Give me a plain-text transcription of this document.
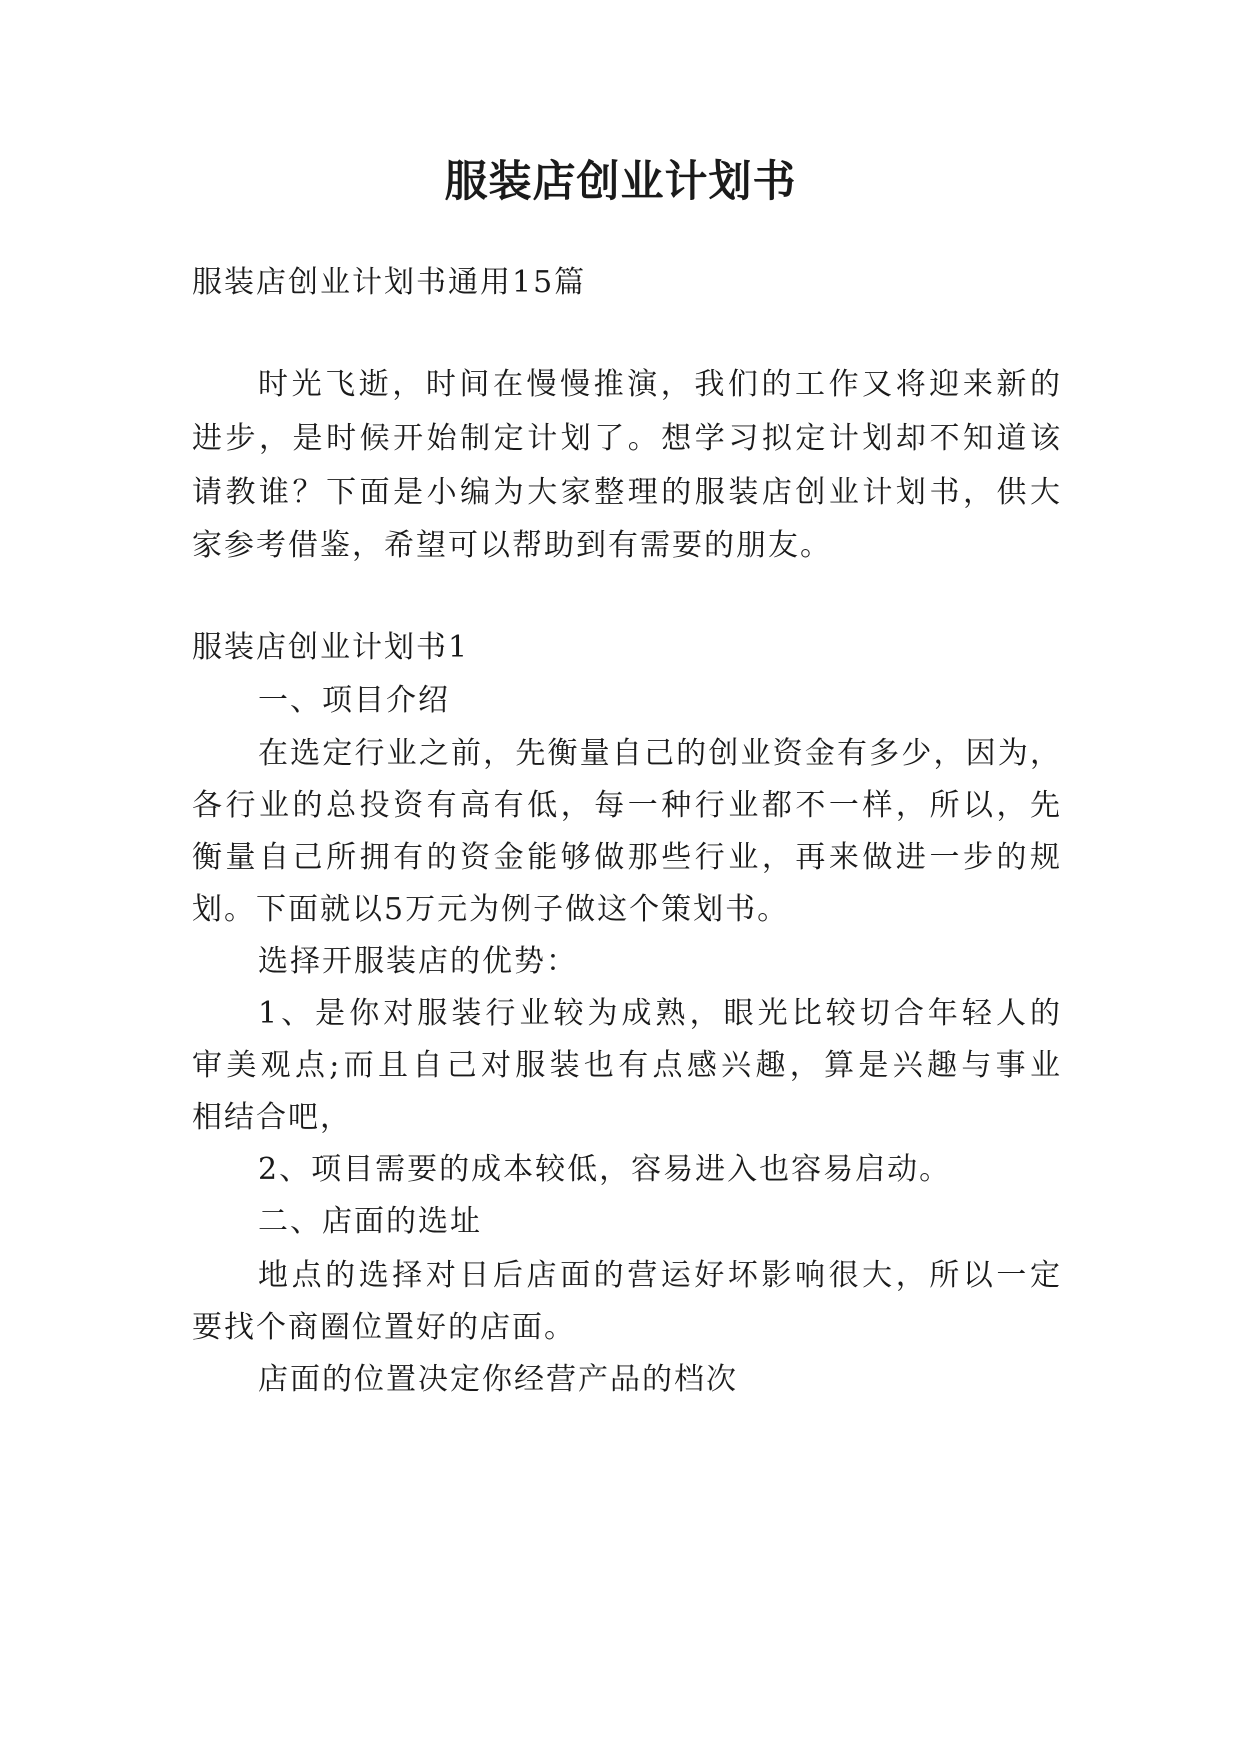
服装店创业计划书
服装店创业计划书通用15篇
时光飞逝，时间在慢慢推演，我们的工作又将迎来新的
进步，是时候开始制定计划了。想学习拟定计划却不知道该
请教谁？下面是小编为大家整理的服装店创业计划书，供大
家参考借鉴，希望可以帮助到有需要的朋友。
服装店创业计划书1
一、项目介绍
在选定行业之前，先衡量自己的创业资金有多少，因为，
各行业的总投资有高有低，每一种行业都不一样，所以，先
衡量自己所拥有的资金能够做那些行业，再来做进一步的规
划。下面就以5万元为例子做这个策划书。
选择开服装店的优势：
1、是你对服装行业较为成熟，眼光比较切合年轻人的
审美观点;而且自己对服装也有点感兴趣，算是兴趣与事业
相结合吧，
2、项目需要的成本较低，容易进入也容易启动。
二、店面的选址
地点的选择对日后店面的营运好坏影响很大，所以一定
要找个商圈位置好的店面。
店面的位置决定你经营产品的档次
